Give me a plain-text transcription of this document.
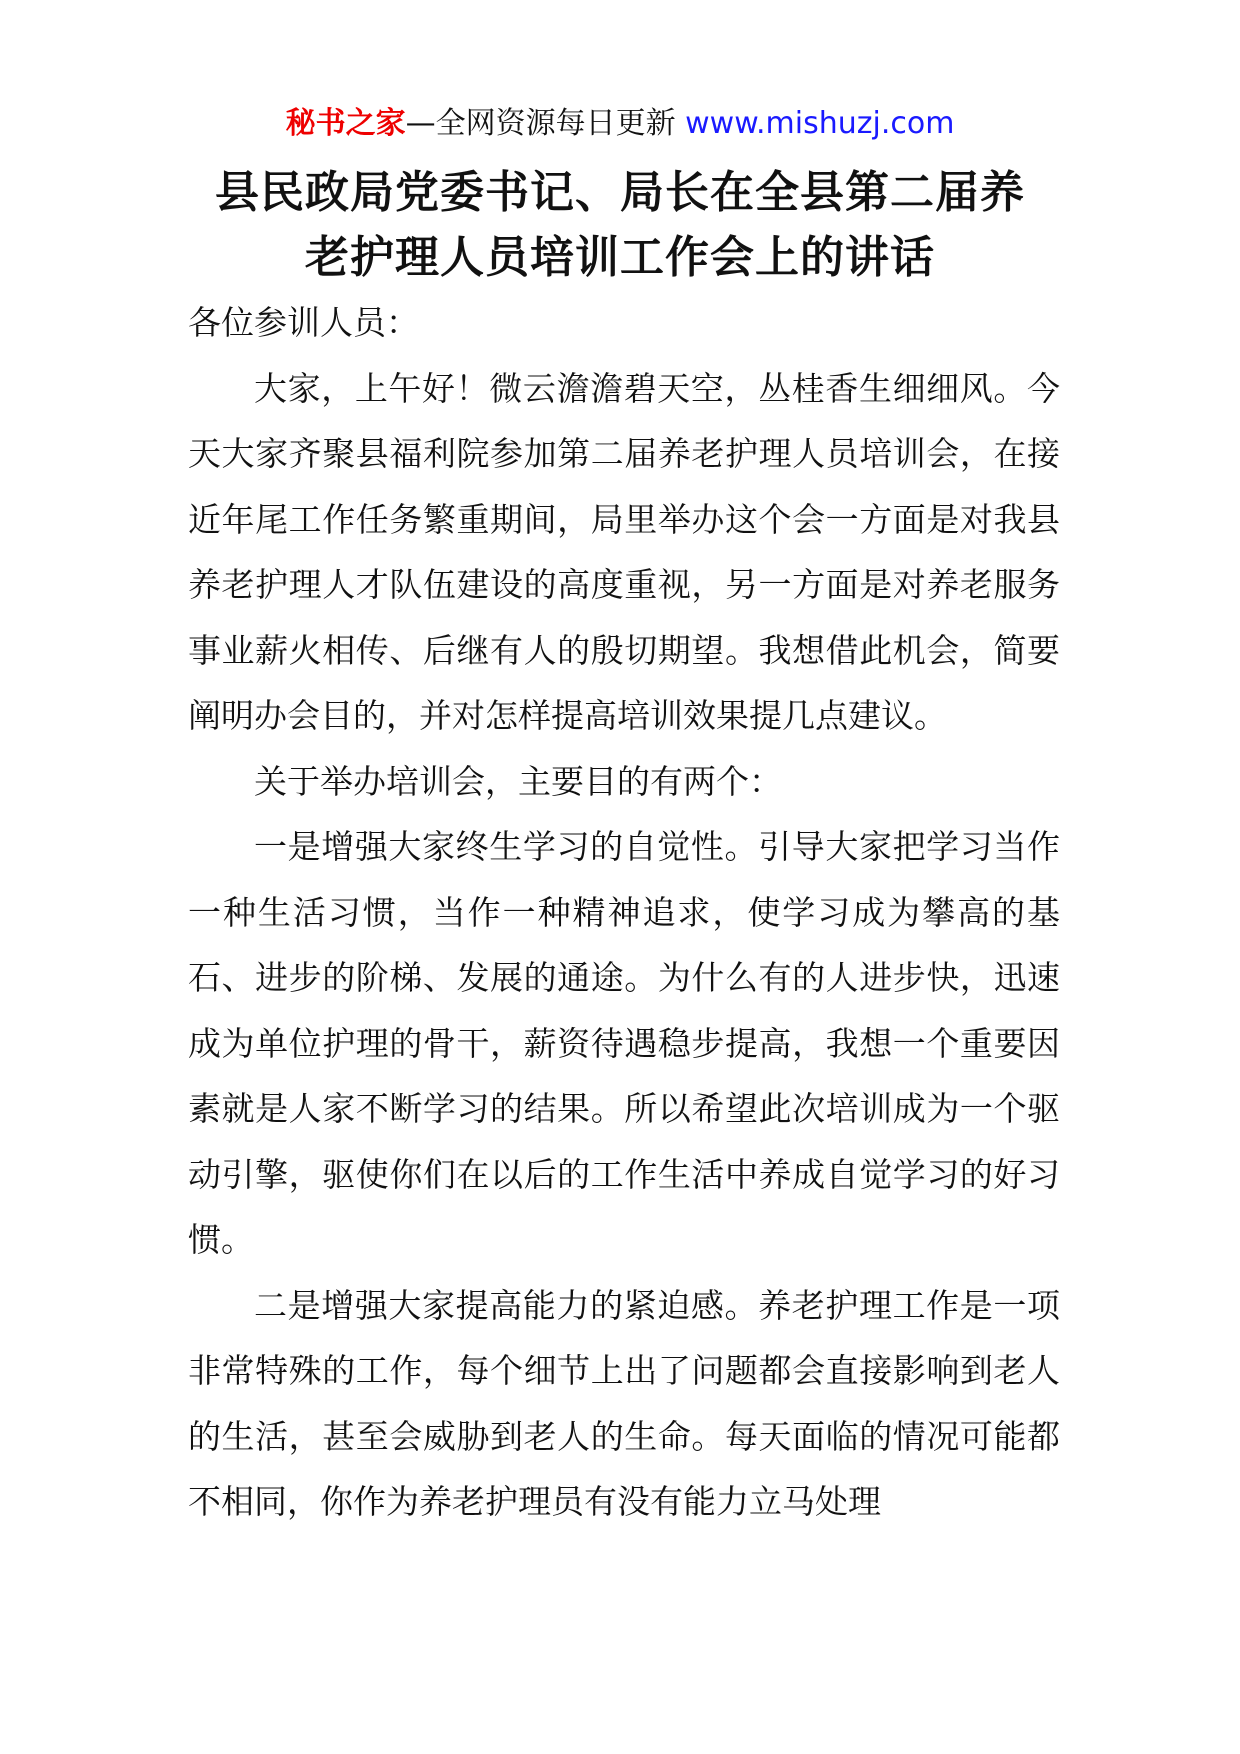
秘书之家—全网资源每日更新 www.mishuzj.com
县民政局党委书记、局长在全县第二届养
老护理人员培训工作会上的讲话

各位参训人员：

大家，上午好！微云澹澹碧天空，丛桂香生细细风。今天大家齐聚县福利院参加第二届养老护理人员培训会，在接近年尾工作任务繁重期间，局里举办这个会一方面是对我县养老护理人才队伍建设的高度重视，另一方面是对养老服务事业薪火相传、后继有人的殷切期望。我想借此机会，简要阐明办会目的，并对怎样提高培训效果提几点建议。

关于举办培训会，主要目的有两个：

一是增强大家终生学习的自觉性。引导大家把学习当作一种生活习惯，当作一种精神追求，使学习成为攀高的基石、进步的阶梯、发展的通途。为什么有的人进步快，迅速成为单位护理的骨干，薪资待遇稳步提高，我想一个重要因素就是人家不断学习的结果。所以希望此次培训成为一个驱动引擎，驱使你们在以后的工作生活中养成自觉学习的好习惯。

二是增强大家提高能力的紧迫感。养老护理工作是一项非常特殊的工作，每个细节上出了问题都会直接影响到老人的生活，甚至会威胁到老人的生命。每天面临的情况可能都不相同，你作为养老护理员有没有能力立马处理
